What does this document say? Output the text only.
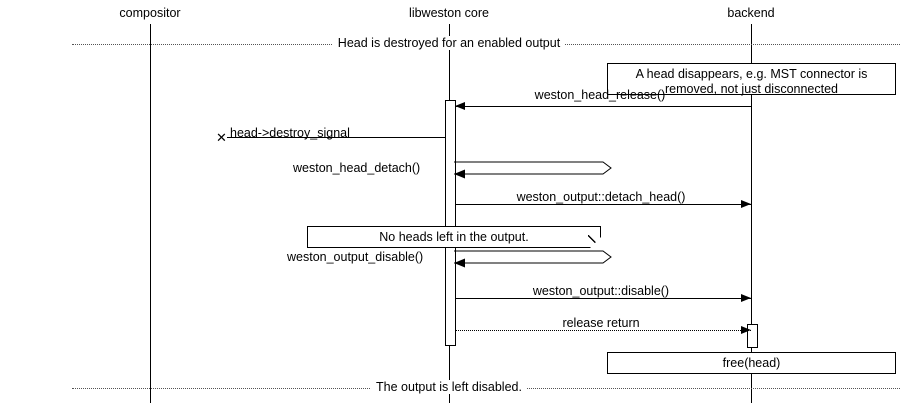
compositor	libweston core	backend
Head is destroyed for an enabled output
A head disappears, e.g. MST connector is removed, not just disconnected
weston_head_release()
✕ head->destroy_signal
weston_head_detach()
weston_output::detach_head()
No heads left in the output.
weston_output_disable()
weston_output::disable()
release return
free(head)
The output is left disabled.
